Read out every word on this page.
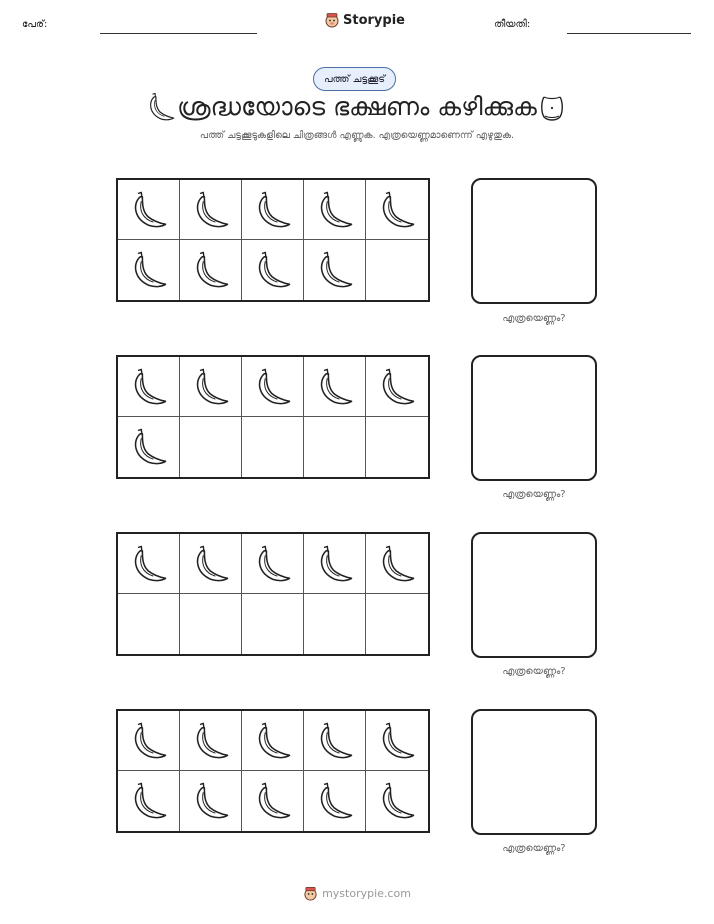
പേര്:	Storypie	തീയതി:
പത്ത് ചട്ടക്കൂട്
ശ്രദ്ധയോടെ ഭക്ഷണം കഴിക്കുക
പത്ത് ചട്ടക്കൂടുകളിലെ ചിത്രങ്ങൾ എണ്ണുക. എത്രയെണ്ണമാണെന്ന് എഴുതുക.
എത്രയെണ്ണം?
എത്രയെണ്ണം?
എത്രയെണ്ണം?
എത്രയെണ്ണം?
mystorypie.com
